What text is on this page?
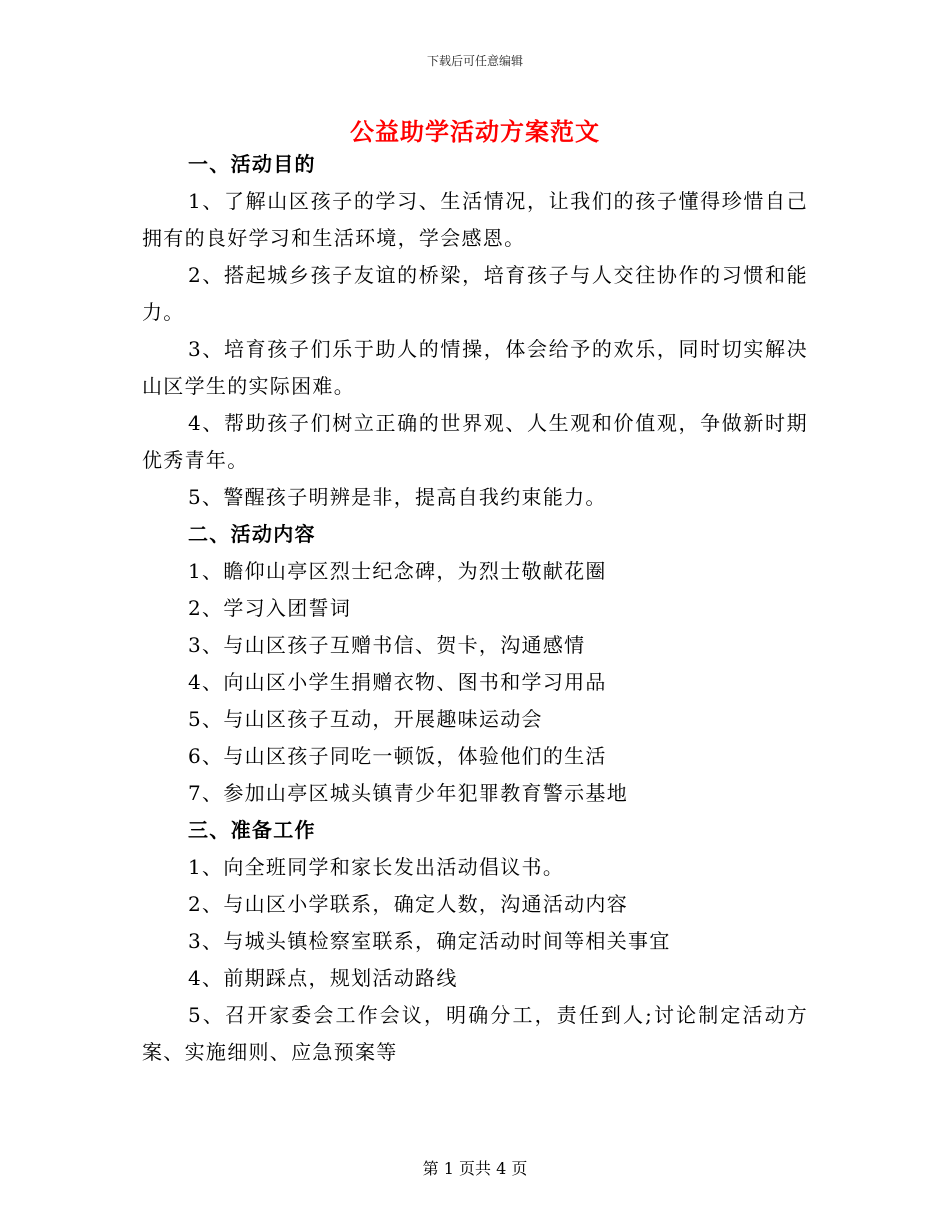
下载后可任意编辑
公益助学活动方案范文
一、活动目的
1、了解山区孩子的学习、生活情况，让我们的孩子懂得珍惜自己拥有的良好学习和生活环境，学会感恩。
2、搭起城乡孩子友谊的桥梁，培育孩子与人交往协作的习惯和能力。
3、培育孩子们乐于助人的情操，体会给予的欢乐，同时切实解决山区学生的实际困难。
4、帮助孩子们树立正确的世界观、人生观和价值观，争做新时期优秀青年。
5、警醒孩子明辨是非，提高自我约束能力。
二、活动内容
1、瞻仰山亭区烈士纪念碑，为烈士敬献花圈
2、学习入团誓词
3、与山区孩子互赠书信、贺卡，沟通感情
4、向山区小学生捐赠衣物、图书和学习用品
5、与山区孩子互动，开展趣味运动会
6、与山区孩子同吃一顿饭，体验他们的生活
7、参加山亭区城头镇青少年犯罪教育警示基地
三、准备工作
1、向全班同学和家长发出活动倡议书。
2、与山区小学联系，确定人数，沟通活动内容
3、与城头镇检察室联系，确定活动时间等相关事宜
4、前期踩点，规划活动路线
5、召开家委会工作会议，明确分工，责任到人;讨论制定活动方案、实施细则、应急预案等
第 1 页共 4 页
